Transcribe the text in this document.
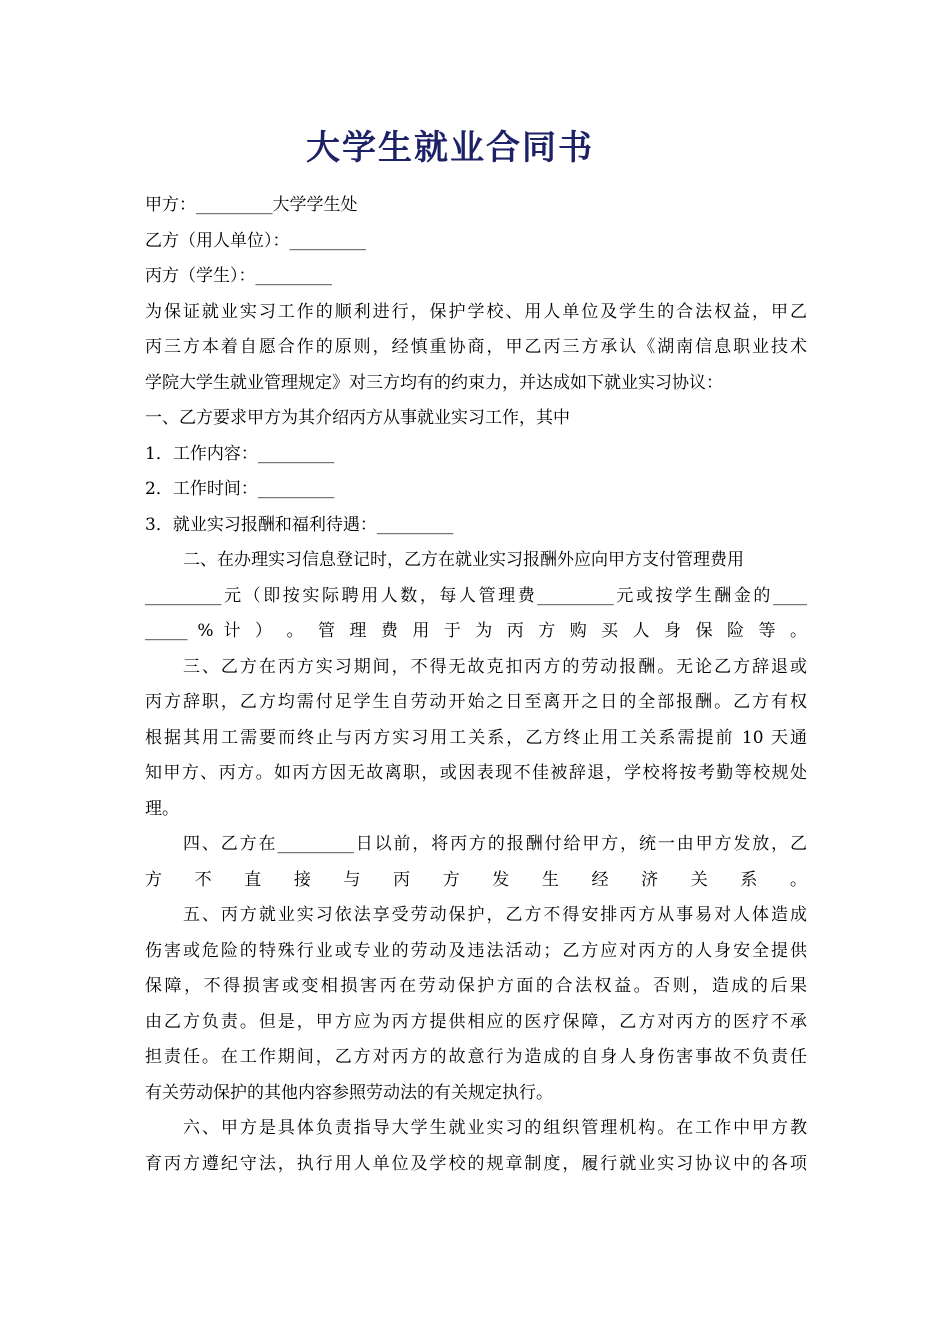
大学生就业合同书
甲方：_________大学学生处
乙方（用人单位）：_________
丙方（学生）：_________
为保证就业实习工作的顺利进行，保护学校、用人单位及学生的合法权益，甲乙
丙三方本着自愿合作的原则，经慎重协商，甲乙丙三方承认《湖南信息职业技术
学院大学生就业管理规定》对三方均有的约束力，并达成如下就业实习协议：
一、乙方要求甲方为其介绍丙方从事就业实习工作，其中
1．工作内容：_________
2．工作时间：_________
3．就业实习报酬和福利待遇：_________
二、在办理实习信息登记时，乙方在就业实习报酬外应向甲方支付管理费用
_________元（即按实际聘用人数，每人管理费_________元或按学生酬金的____
_____ % 计 ） 。 管 理 费 用 于 为 丙 方 购 买 人 身 保 险 等 。
三、乙方在丙方实习期间，不得无故克扣丙方的劳动报酬。无论乙方辞退或
丙方辞职，乙方均需付足学生自劳动开始之日至离开之日的全部报酬。乙方有权
根据其用工需要而终止与丙方实习用工关系，乙方终止用工关系需提前 10 天通
知甲方、丙方。如丙方因无故离职，或因表现不佳被辞退，学校将按考勤等校规处
理。
四、乙方在_________日以前，将丙方的报酬付给甲方，统一由甲方发放，乙
方 不 直 接 与 丙 方 发 生 经 济 关 系 。
五、丙方就业实习依法享受劳动保护，乙方不得安排丙方从事易对人体造成
伤害或危险的特殊行业或专业的劳动及违法活动；乙方应对丙方的人身安全提供
保障，不得损害或变相损害丙在劳动保护方面的合法权益。否则，造成的后果
由乙方负责。但是，甲方应为丙方提供相应的医疗保障，乙方对丙方的医疗不承
担责任。在工作期间，乙方对丙方的故意行为造成的自身人身伤害事故不负责任
有关劳动保护的其他内容参照劳动法的有关规定执行。
六、甲方是具体负责指导大学生就业实习的组织管理机构。在工作中甲方教
育丙方遵纪守法，执行用人单位及学校的规章制度，履行就业实习协议中的各项
